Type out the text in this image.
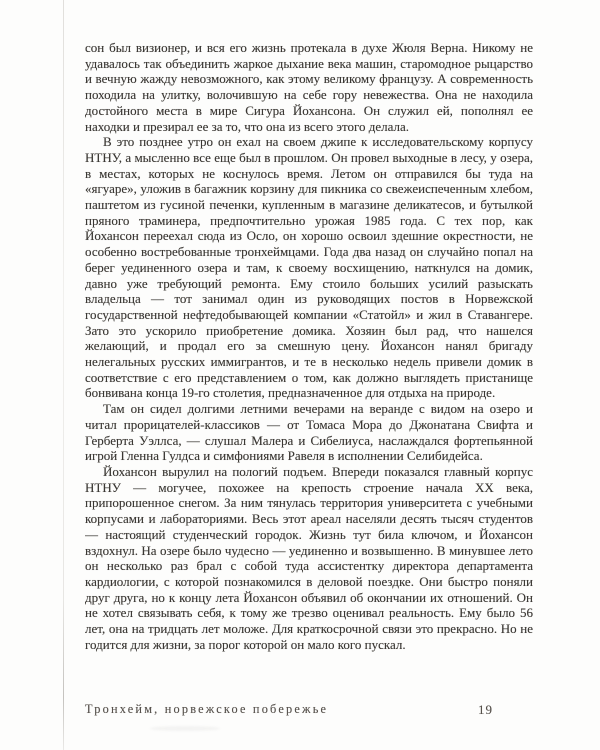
сон был визионер, и вся его жизнь протекала в духе Жюля Верна. Никому не удавалось так объединить жаркое дыхание века машин, старомодное рыцарство и вечную жажду невозможного, как этому великому французу. А современность походила на улитку, волочившую на себе гору невежества. Она не находила достойного места в мире Сигура Йохансона. Он служил ей, пополнял ее находки и презирал ее за то, что она из всего этого делала.

В это позднее утро он ехал на своем джипе к исследовательскому корпусу НТНУ, а мысленно все еще был в прошлом. Он провел выходные в лесу, у озера, в местах, которых не коснулось время. Летом он отправился бы туда на «ягуаре», уложив в багажник корзину для пикника со свежеиспеченным хлебом, паштетом из гусиной печенки, купленным в магазине деликатесов, и бутылкой пряного траминера, предпочтительно урожая 1985 года. С тех пор, как Йохансон переехал сюда из Осло, он хорошо освоил здешние окрестности, не особенно востребованные тронхеймцами. Года два назад он случайно попал на берег уединенного озера и там, к своему восхищению, наткнулся на домик, давно уже требующий ремонта. Ему стоило больших усилий разыскать владельца — тот занимал один из руководящих постов в Норвежской государственной нефтедобывающей компании «Статойл» и жил в Ставангере. Зато это ускорило приобретение домика. Хозяин был рад, что нашелся желающий, и продал его за смешную цену. Йохансон нанял бригаду нелегальных русских иммигрантов, и те в несколько недель привели домик в соответствие с его представлением о том, как должно выглядеть пристанище бонвивана конца 19-го столетия, предназначенное для отдыха на природе.

Там он сидел долгими летними вечерами на веранде с видом на озеро и читал прорицателей-классиков — от Томаса Мора до Джонатана Свифта и Герберта Уэллса, — слушал Малера и Сибелиуса, наслаждался фортепьянной игрой Гленна Гулдса и симфониями Равеля в исполнении Селибидейса.

Йохансон вырулил на пологий подъем. Впереди показался главный корпус НТНУ — могучее, похожее на крепость строение начала ХХ века, припорошенное снегом. За ним тянулась территория университета с учебными корпусами и лабораториями. Весь этот ареал населяли десять тысяч студентов — настоящий студенческий городок. Жизнь тут била ключом, и Йохансон вздохнул. На озере было чудесно — уединенно и возвышенно. В минувшее лето он несколько раз брал с собой туда ассистентку директора департамента кардиологии, с которой познакомился в деловой поездке. Они быстро поняли друг друга, но к концу лета Йохансон объявил об окончании их отношений. Он не хотел связывать себя, к тому же трезво оценивал реальность. Ему было 56 лет, она на тридцать лет моложе. Для краткосрочной связи это прекрасно. Но не годится для жизни, за порог которой он мало кого пускал.

Тронхейм, норвежское побережье	19
